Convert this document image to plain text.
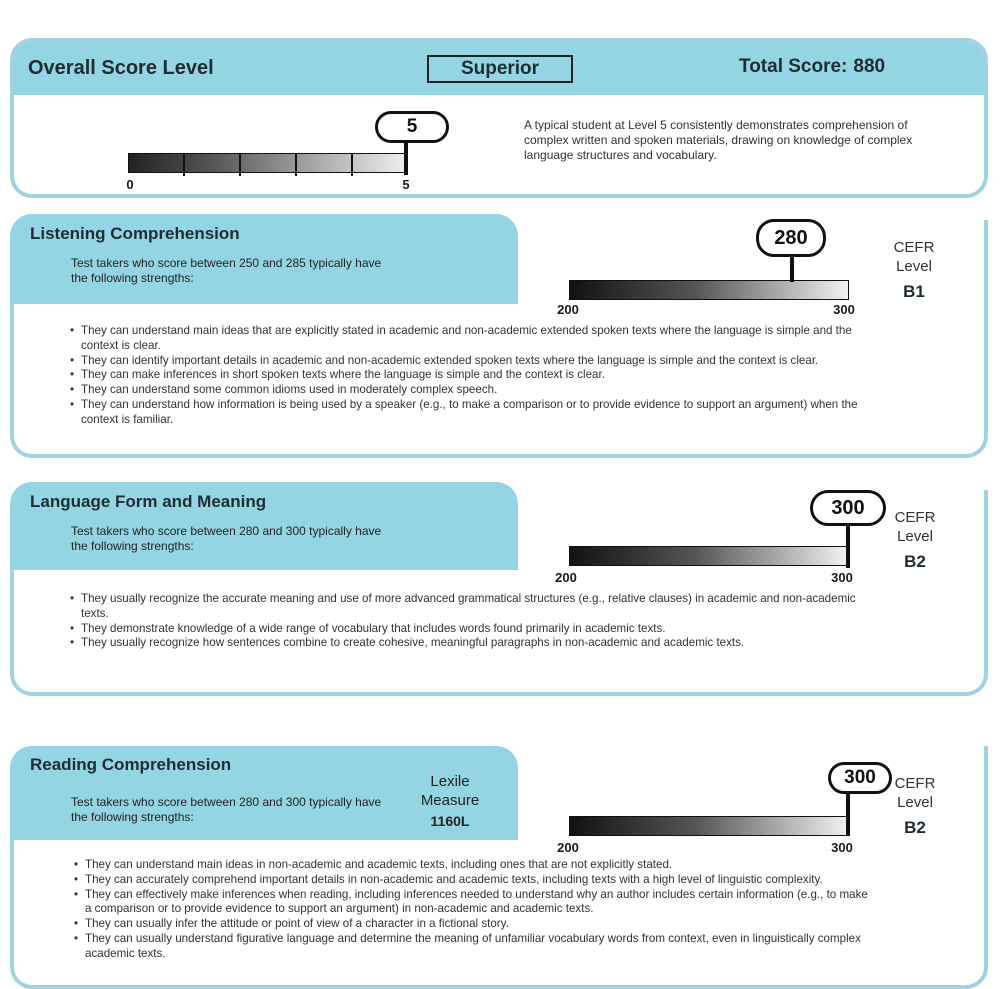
Overall Score Level	Superior	Total Score: 880
5
0	5
A typical student at Level 5 consistently demonstrates comprehension of complex written and spoken materials, drawing on knowledge of complex language structures and vocabulary.
Listening Comprehension
Test takers who score between 250 and 285 typically have the following strengths:
280
200	300
CEFR
Level
B1
• They can understand main ideas that are explicitly stated in academic and non-academic extended spoken texts where the language is simple and the context is clear.
• They can identify important details in academic and non-academic extended spoken texts where the language is simple and the context is clear.
• They can make inferences in short spoken texts where the language is simple and the context is clear.
• They can understand some common idioms used in moderately complex speech.
• They can understand how information is being used by a speaker (e.g., to make a comparison or to provide evidence to support an argument) when the context is familiar.
Language Form and Meaning
Test takers who score between 280 and 300 typically have the following strengths:
300
200	300
CEFR
Level
B2
• They usually recognize the accurate meaning and use of more advanced grammatical structures (e.g., relative clauses) in academic and non-academic texts.
• They demonstrate knowledge of a wide range of vocabulary that includes words found primarily in academic texts.
• They usually recognize how sentences combine to create cohesive, meaningful paragraphs in non-academic and academic texts.
Reading Comprehension
Test takers who score between 280 and 300 typically have the following strengths:
Lexile
Measure
1160L
300
200	300
CEFR
Level
B2
• They can understand main ideas in non-academic and academic texts, including ones that are not explicitly stated.
• They can accurately comprehend important details in non-academic and academic texts, including texts with a high level of linguistic complexity.
• They can effectively make inferences when reading, including inferences needed to understand why an author includes certain information (e.g., to make a comparison or to provide evidence to support an argument) in non-academic and academic texts.
• They can usually infer the attitude or point of view of a character in a fictional story.
• They can usually understand figurative language and determine the meaning of unfamiliar vocabulary words from context, even in linguistically complex academic texts.
